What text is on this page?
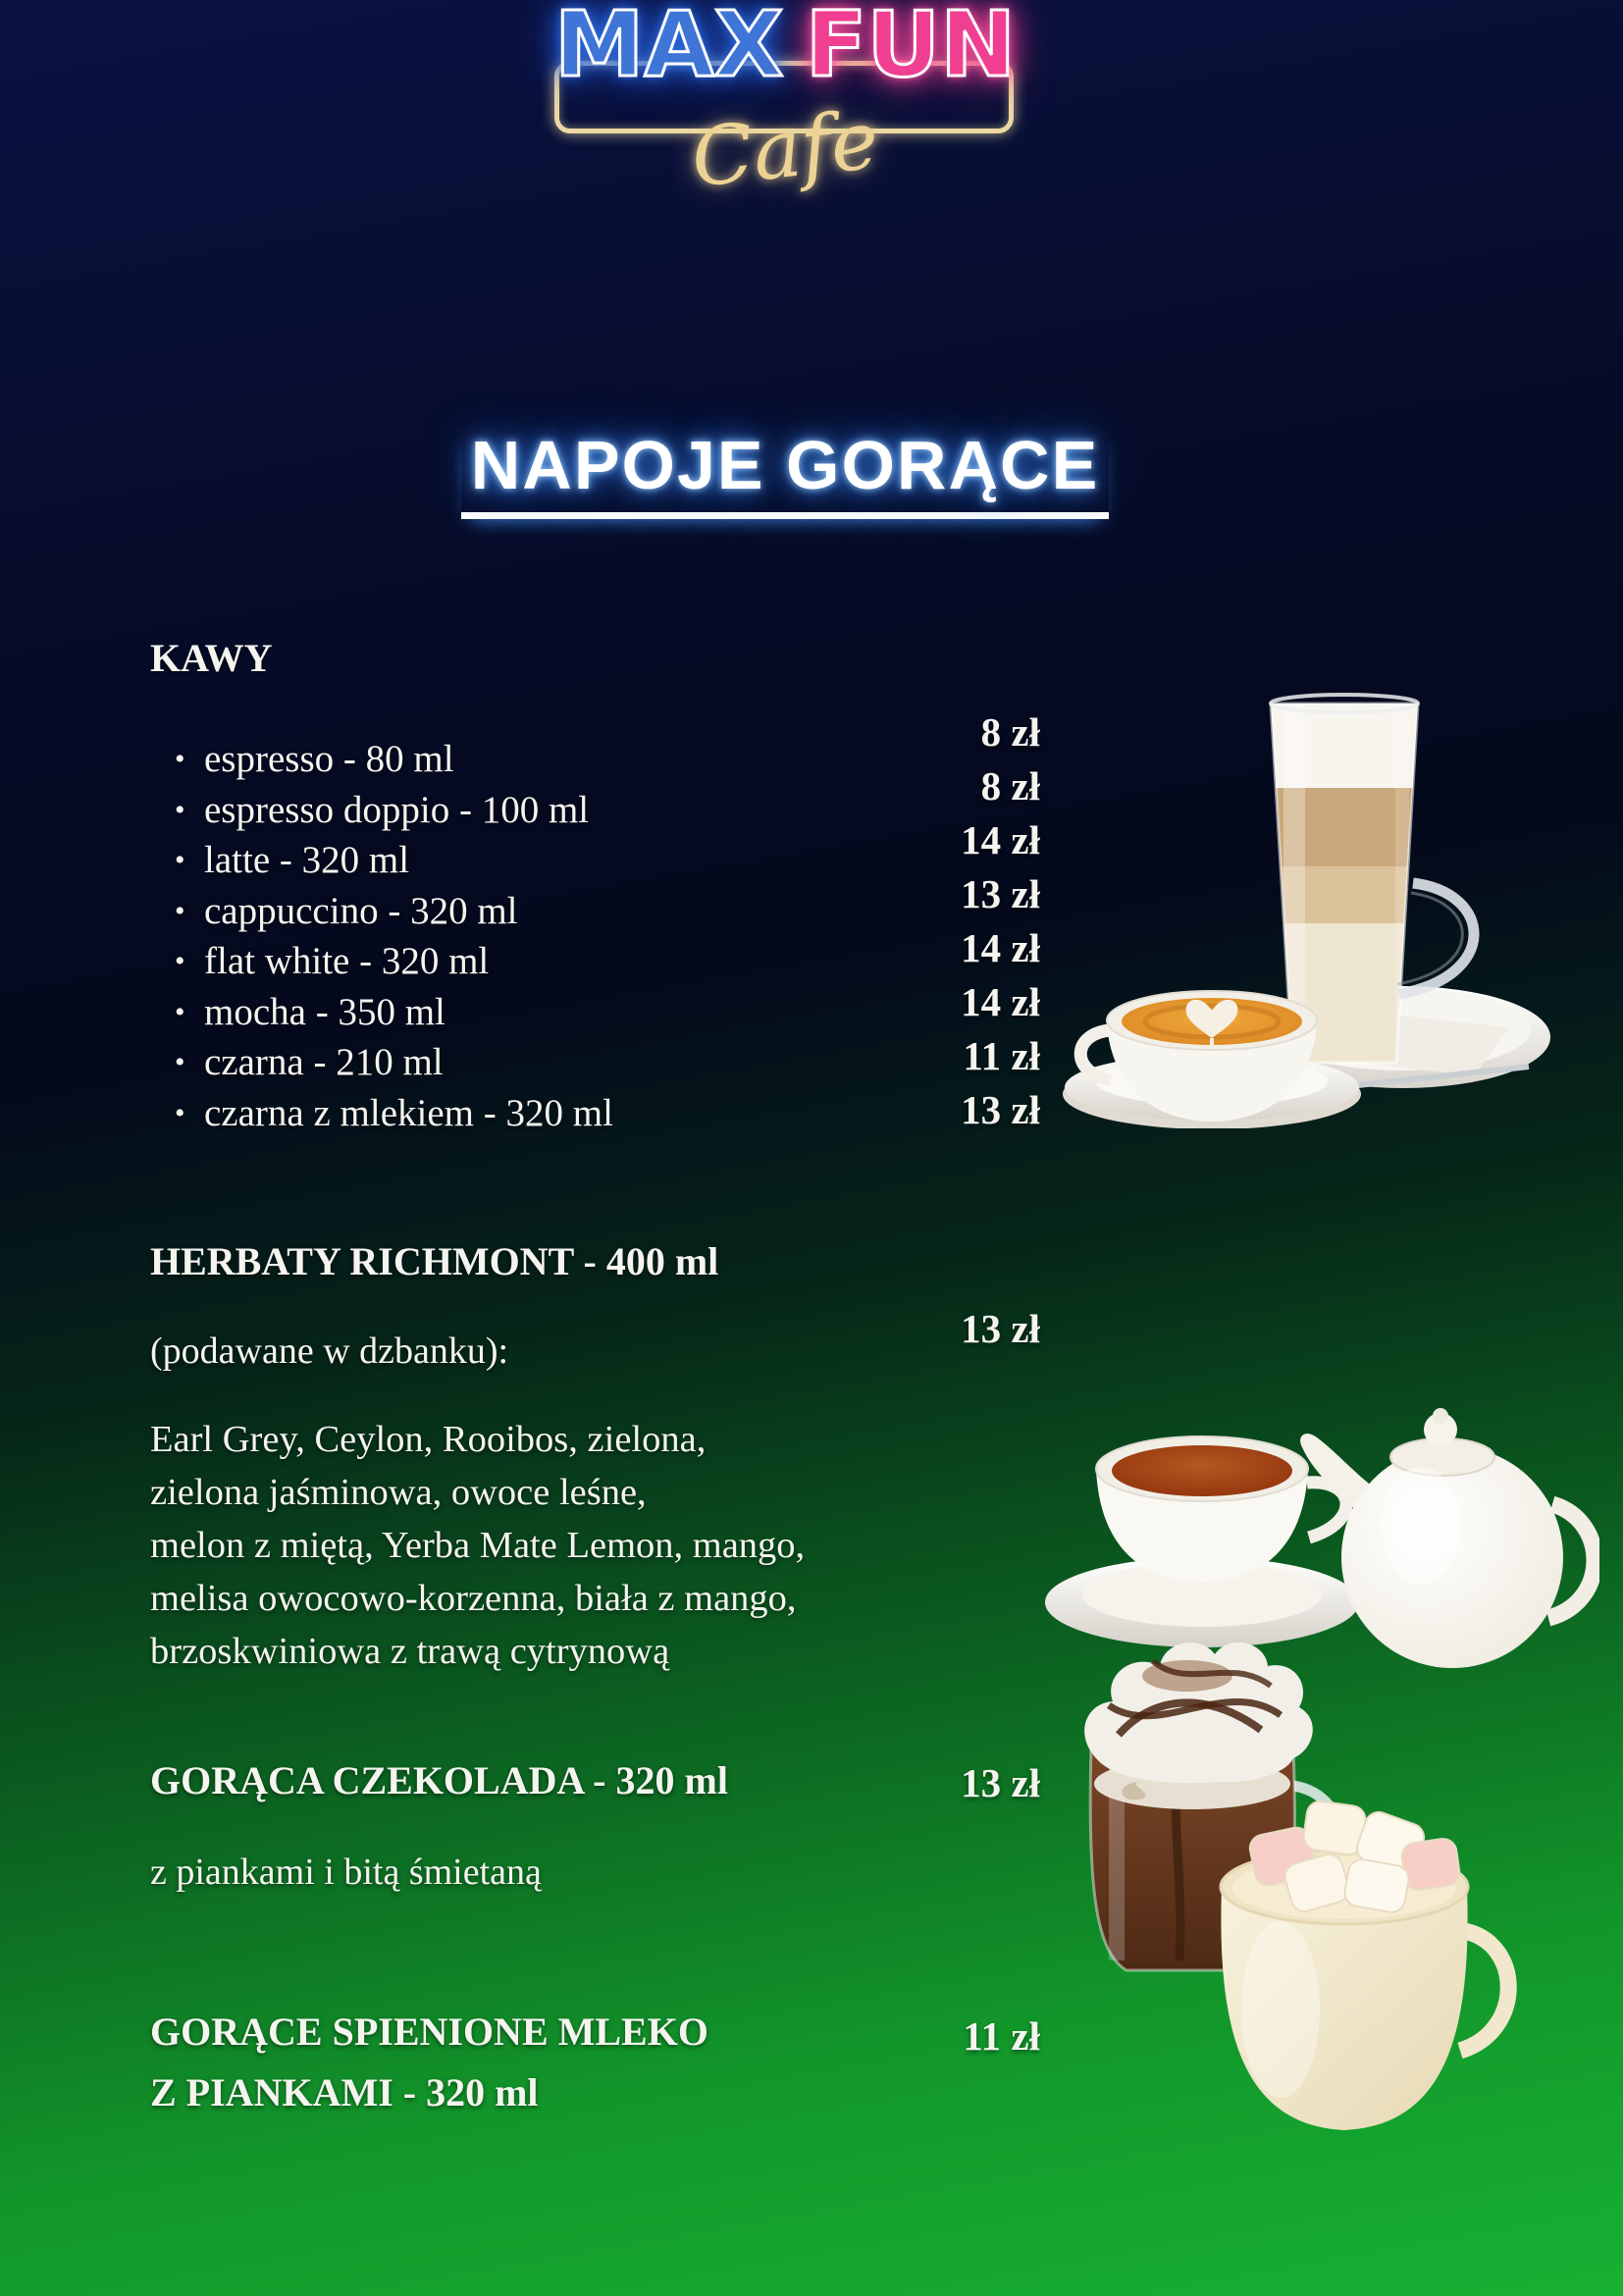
MAX FUN
Cafe
NAPOJE GORĄCE
KAWY
• espresso - 80 ml
• espresso doppio - 100 ml
• latte - 320 ml
• cappuccino - 320 ml
• flat white - 320 ml
• mocha - 350 ml
• czarna - 210 ml
• czarna z mlekiem - 320 ml
8 zł
8 zł
14 zł
13 zł
14 zł
14 zł
11 zł
13 zł
HERBATY RICHMONT - 400 ml
(podawane w dzbanku):	13 zł
Earl Grey, Ceylon, Rooibos, zielona,
zielona jaśminowa, owoce leśne,
melon z miętą, Yerba Mate Lemon, mango,
melisa owocowo-korzenna, biała z mango,
brzoskwiniowa z trawą cytrynową
GORĄCA CZEKOLADA - 320 ml
z piankami i bitą śmietaną
13 zł
GORĄCE SPIENIONE MLEKO
Z PIANKAMI - 320 ml
11 zł
